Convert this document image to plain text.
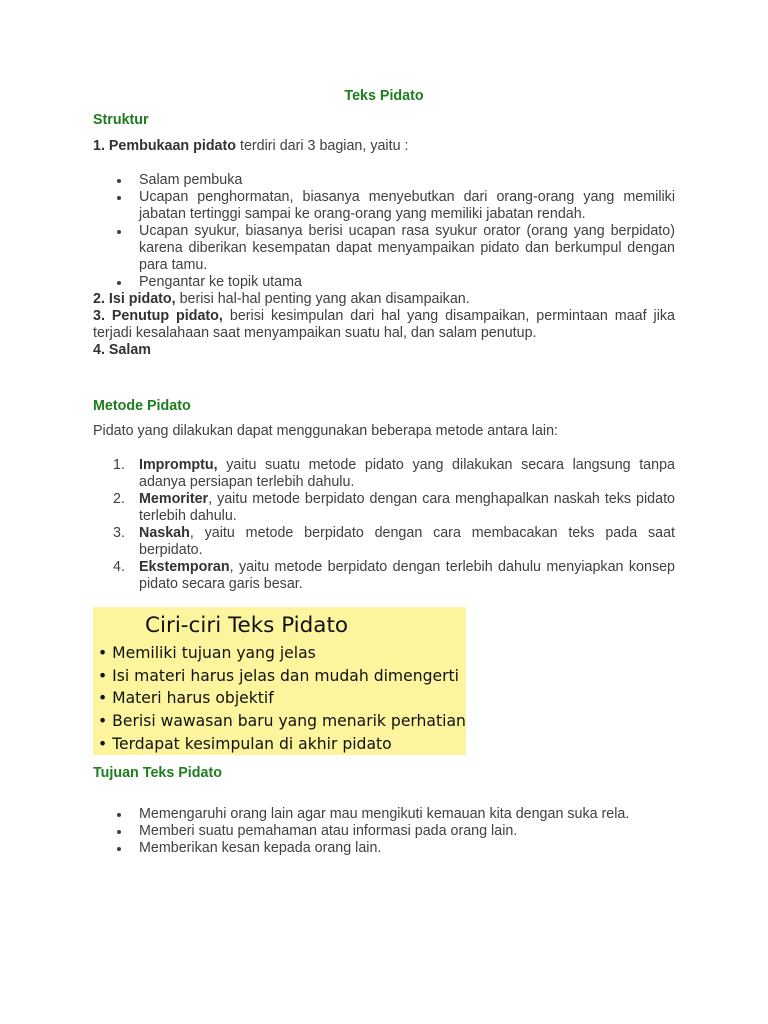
Teks Pidato
Struktur
1. Pembukaan pidato terdiri dari 3 bagian, yaitu :
Salam pembuka
Ucapan penghormatan, biasanya menyebutkan dari orang-orang yang memiliki jabatan tertinggi sampai ke orang-orang yang memiliki jabatan rendah.
Ucapan syukur, biasanya berisi ucapan rasa syukur orator (orang yang berpidato) karena diberikan kesempatan dapat menyampaikan pidato dan berkumpul dengan para tamu.
Pengantar ke topik utama
2. Isi pidato, berisi hal-hal penting yang akan disampaikan.
3. Penutup pidato, berisi kesimpulan dari hal yang disampaikan, permintaan maaf jika terjadi kesalahaan saat menyampaikan suatu hal, dan salam penutup.
4. Salam
Metode Pidato
Pidato yang dilakukan dapat menggunakan beberapa metode antara lain:
1. Impromptu, yaitu suatu metode pidato yang dilakukan secara langsung tanpa adanya persiapan terlebih dahulu.
2. Memoriter, yaitu metode berpidato dengan cara menghapalkan naskah teks pidato terlebih dahulu.
3. Naskah, yaitu metode berpidato dengan cara membacakan teks pada saat berpidato.
4. Ekstemporan, yaitu metode berpidato dengan terlebih dahulu menyiapkan konsep pidato secara garis besar.
Ciri-ciri Teks Pidato
• Memiliki tujuan yang jelas
• Isi materi harus jelas dan mudah dimengerti
• Materi harus objektif
• Berisi wawasan baru yang menarik perhatian
• Terdapat kesimpulan di akhir pidato
Tujuan Teks Pidato
Memengaruhi orang lain agar mau mengikuti kemauan kita dengan suka rela.
Memberi suatu pemahaman atau informasi pada orang lain.
Memberikan kesan kepada orang lain.
